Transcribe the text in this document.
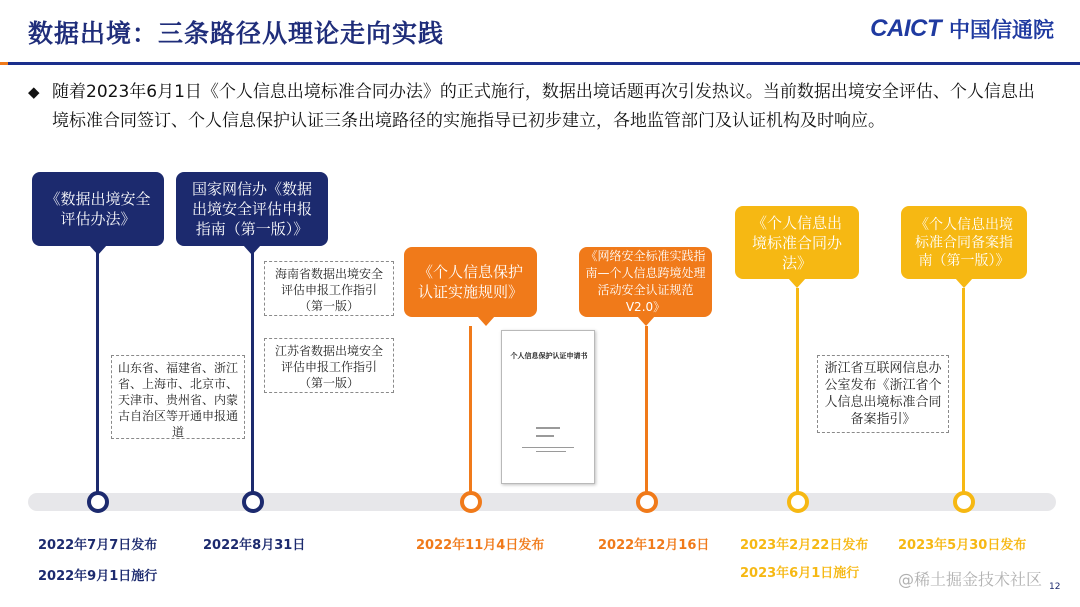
数据出境：三条路径从理论走向实践	CAICT 中国信通院
◆ 随着2023年6月1日《个人信息出境标准合同办法》的正式施行，数据出境话题再次引发热议。当前数据出境安全评估、个人信息出境标准合同签订、个人信息保护认证三条出境路径的实施指导已初步建立，各地监管部门及认证机构及时响应。
《数据出境安全评估办法》
国家网信办《数据出境安全评估申报指南（第一版）》
《个人信息保护认证实施规则》
《网络安全标准实践指南—个人信息跨境处理活动安全认证规范V2.0》
《个人信息出境标准合同办法》
《个人信息出境标准合同备案指南（第一版）》
山东省、福建省、浙江省、上海市、北京市、天津市、贵州省、内蒙古自治区等开通申报通道
海南省数据出境安全评估申报工作指引（第一版）
江苏省数据出境安全评估申报工作指引（第一版）
浙江省互联网信息办公室发布《浙江省个人信息出境标准合同备案指引》
个人信息保护认证申请书
2022年7月7日发布
2022年9月1日施行
2022年8月31日	2022年11月4日发布	2022年12月16日 2023年2月22日发布
2023年6月1日施行
2023年5月30日发布
@稀土掘金技术社区 12
